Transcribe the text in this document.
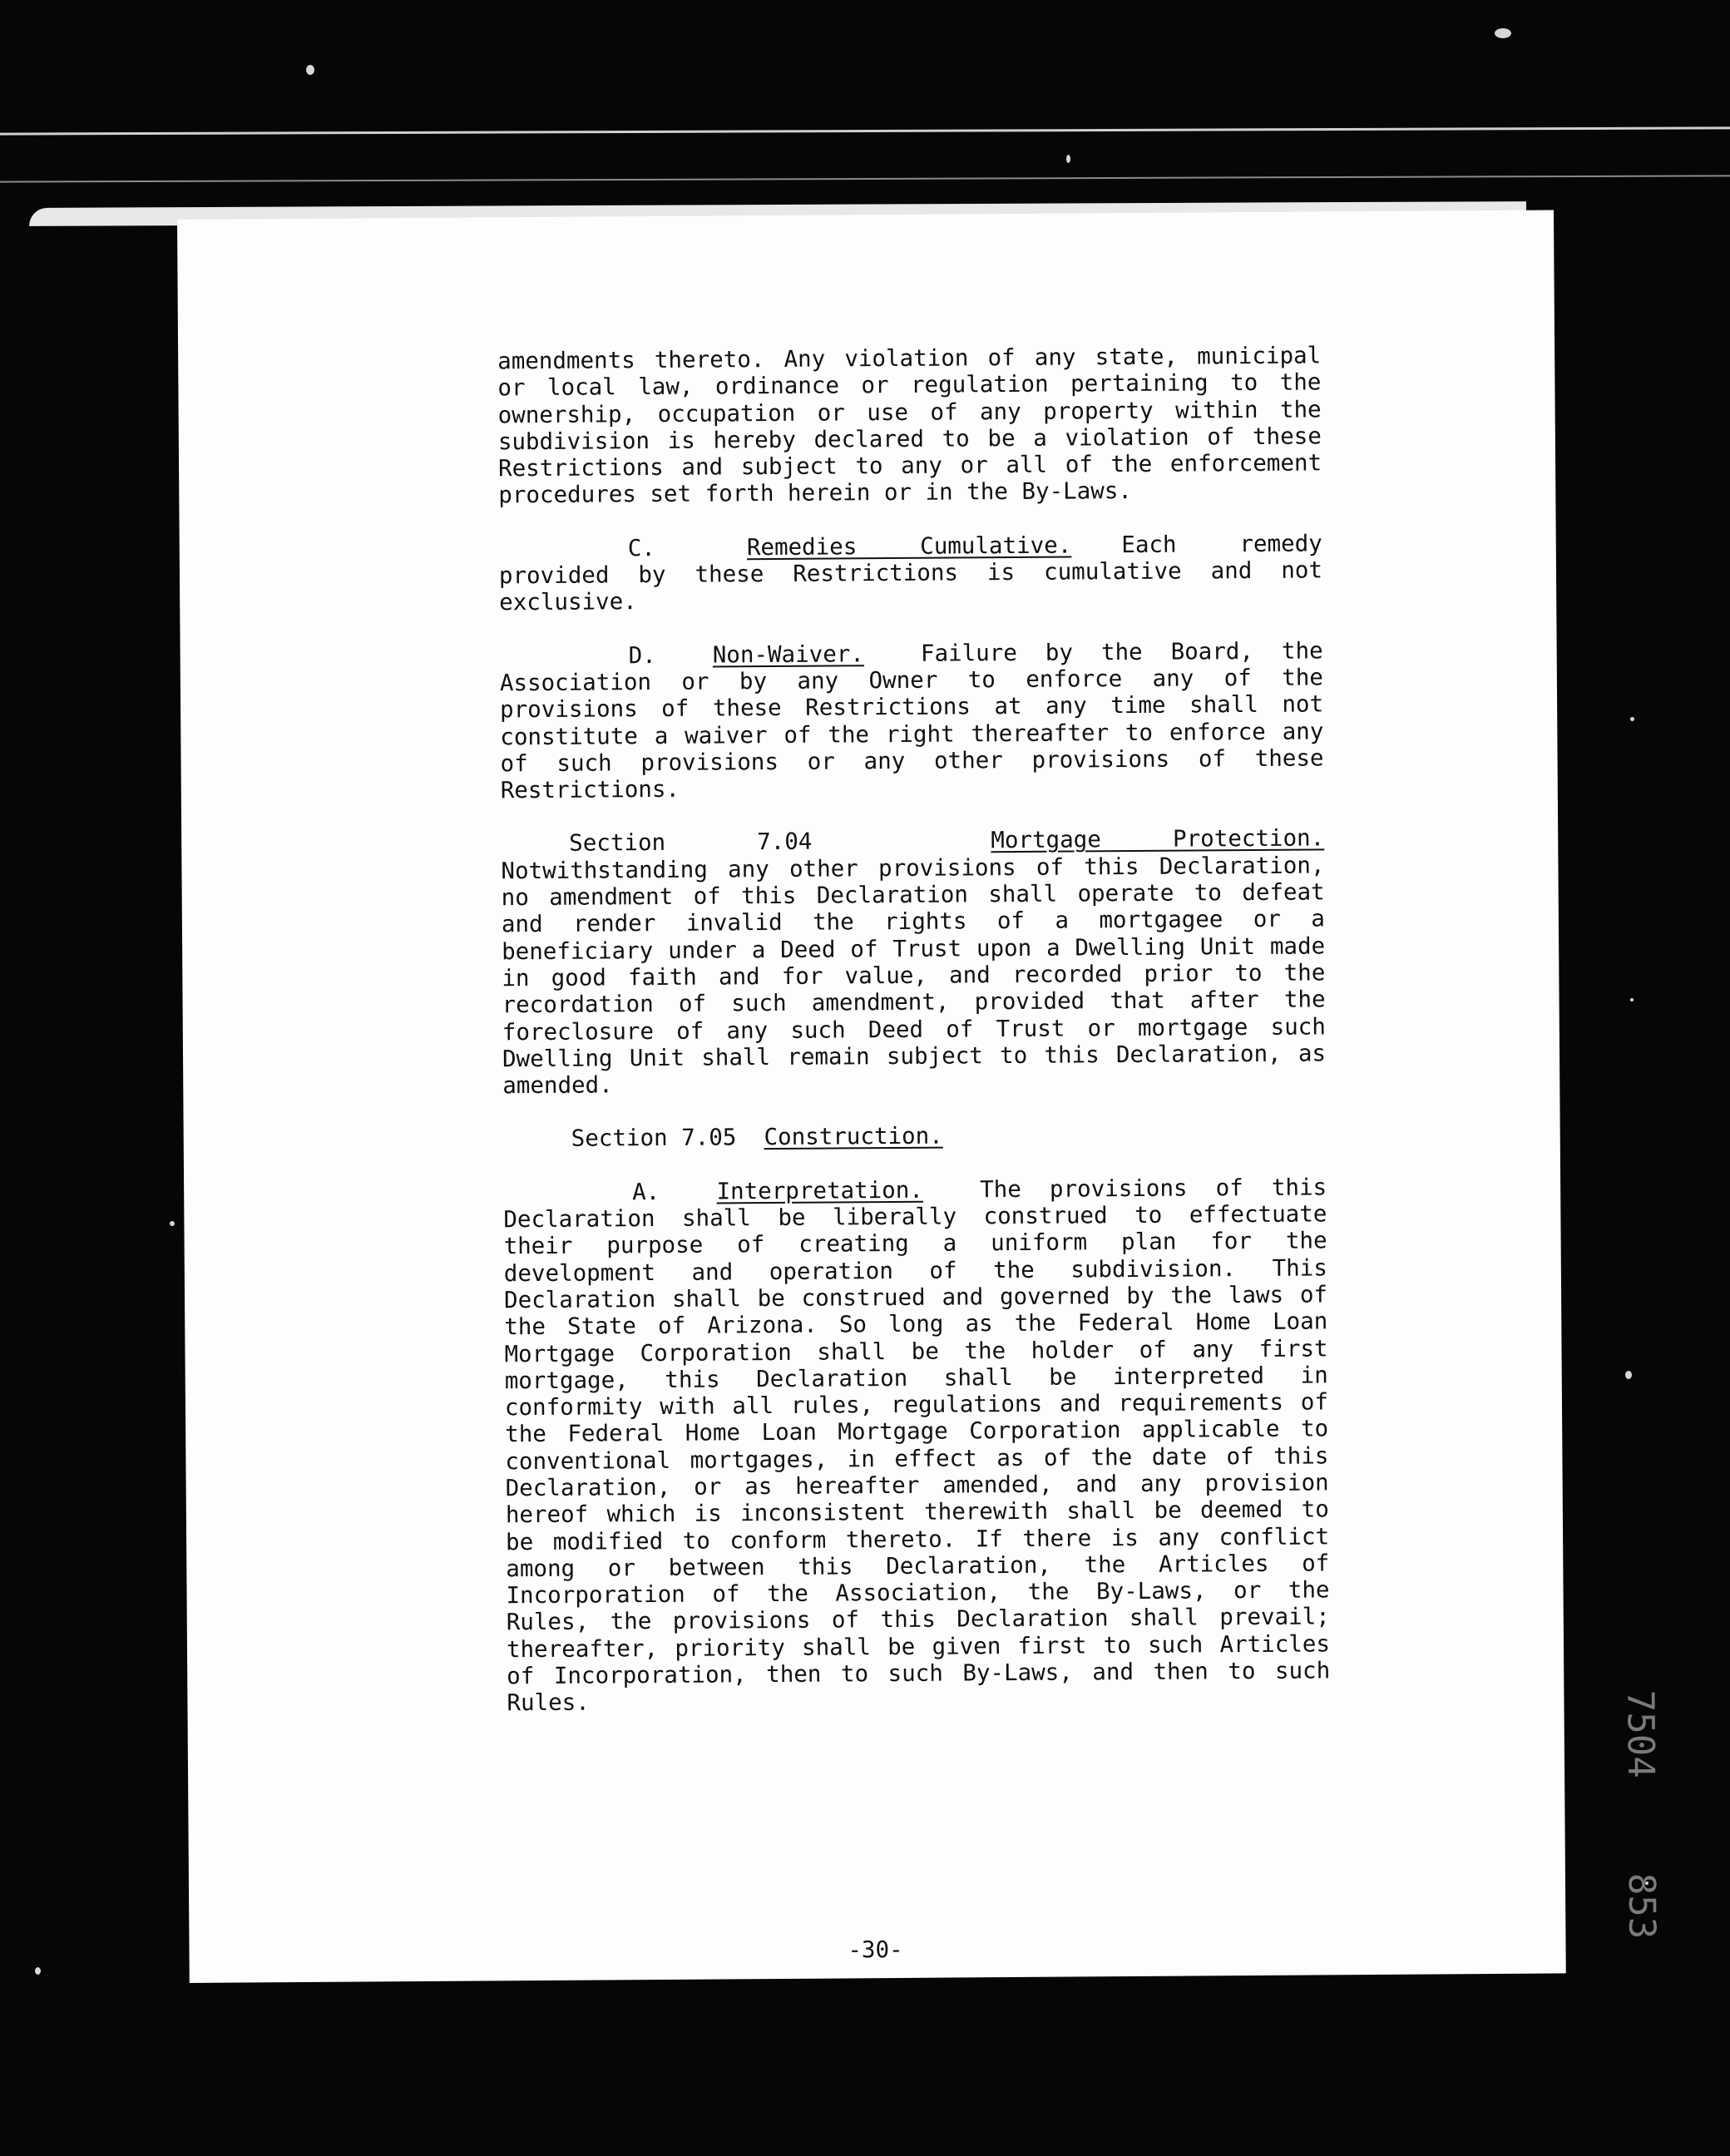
amendments thereto. Any violation of any state, municipal or local law, ordinance or regulation pertaining to the ownership, occupation or use of any property within the subdivision is hereby declared to be a violation of these Restrictions and subject to any or all of the enforcement procedures set forth herein or in the By-Laws.

C.	Remedies Cumulative. Each remedy provided by these Restrictions is cumulative and not exclusive.

D. Non-Waiver. Failure by the Board, the Association or by any Owner to enforce any of the provisions of these Restrictions at any time shall not constitute a waiver of the right thereafter to enforce any of such provisions or any other provisions of these Restrictions.

Section	7.04	Mortgage Protection. Notwithstanding any other provisions of this Declaration, no amendment of this Declaration shall operate to defeat and render invalid the rights of a mortgagee or a beneficiary under a Deed of Trust upon a Dwelling Unit made in good faith and for value, and recorded prior to the recordation of such amendment, provided that after the foreclosure of any such Deed of Trust or mortgage such Dwelling Unit shall remain subject to this Declaration, as amended.

Section 7.05 Construction.

A. Interpretation. The provisions of this Declaration shall be liberally construed to effectuate their purpose of creating a uniform plan for the development and operation of the subdivision. This Declaration shall be construed and governed by the laws of the State of Arizona. So long as the Federal Home Loan Mortgage Corporation shall be the holder of any first mortgage, this Declaration shall be interpreted in conformity with all rules, regulations and requirements of the Federal Home Loan Mortgage Corporation applicable to conventional mortgages, in effect as of the date of this Declaration, or as hereafter amended, and any provision hereof which is inconsistent therewith shall be deemed to be modified to conform thereto. If there is any conflict among or between this Declaration, the Articles of Incorporation of the Association, the By-Laws, or the Rules, the provisions of this Declaration shall prevail; thereafter, priority shall be given first to such Articles of Incorporation, then to such By-Laws, and then to such Rules.

-30-
7504
853
